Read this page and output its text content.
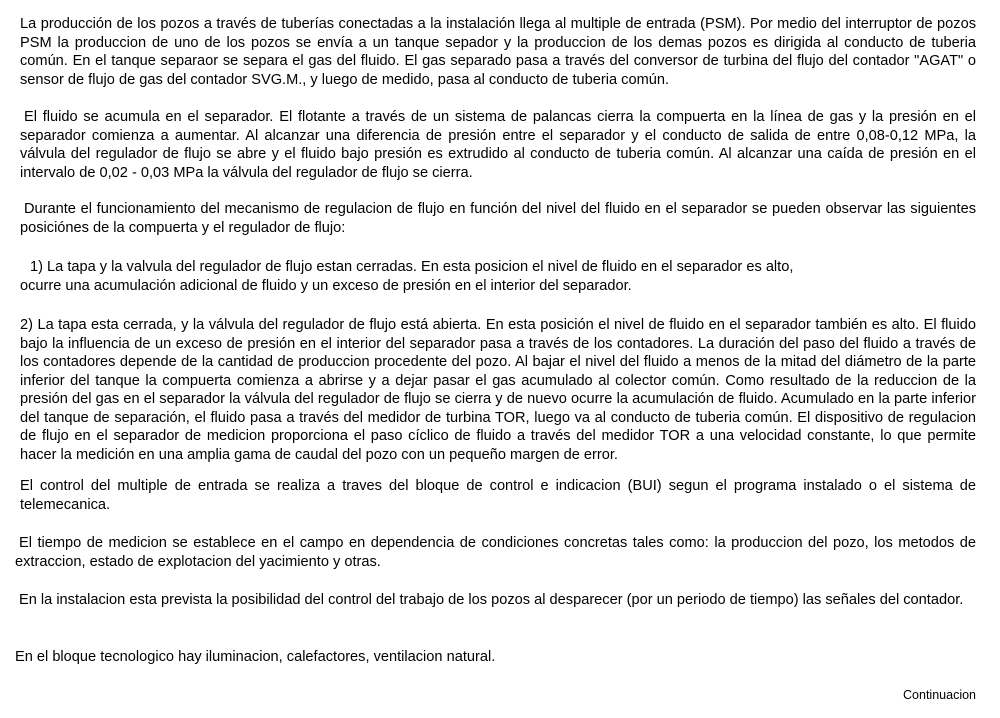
La producción de los pozos a través de tuberías conectadas a la instalación llega al multiple de entrada (PSM). Por medio del interruptor de pozos PSM la produccion de uno de los pozos se envía a un tanque sepador y la produccion de los demas pozos es dirigida al conducto de tuberia común. En el tanque separaor se separa el gas del fluido. El gas separado pasa a través del conversor de turbina del flujo del contador "AGAT" o sensor de flujo de gas del contador SVG.M., y luego de medido, pasa al conducto de tuberia común.

El fluido se acumula en el separador. El flotante a través de un sistema de palancas cierra la compuerta en la línea de gas y la presión en el separador comienza a aumentar. Al alcanzar una diferencia de presión entre el separador y el conducto de salida de entre 0,08-0,12 MPa, la válvula del regulador de flujo se abre y el fluido bajo presión es extrudido al conducto de tuberia común. Al alcanzar una caída de presión en el intervalo de 0,02 - 0,03 MPa la válvula del regulador de flujo se cierra.

Durante el funcionamiento del mecanismo de regulacion de flujo en función del nivel del fluido en el separador se pueden observar las siguientes posiciónes de la compuerta y el regulador de flujo:

1) La tapa y la valvula del regulador de flujo estan cerradas. En esta posicion el nivel de fluido en el separador es alto,

ocurre una acumulación adicional de fluido y un exceso de presión en el interior del separador.

2) La tapa esta cerrada, y la válvula del regulador de flujo está abierta. En esta posición el nivel de fluido en el separador también es alto. El fluido bajo la influencia de un exceso de presión en el interior del separador pasa a través de los contadores. La duración del paso del fluido a través de los contadores depende de la cantidad de produccion procedente del pozo. Al bajar el nivel del fluido a menos de la mitad del diámetro de la parte inferior del tanque la compuerta comienza a abrirse y a dejar pasar el gas acumulado al colector común. Como resultado de la reduccion de la presión del gas en el separador la válvula del regulador de flujo se cierra y de nuevo ocurre la acumulación de fluido. Acumulado en la parte inferior del tanque de separación, el fluido pasa a través del medidor de turbina TOR, luego va al conducto de tuberia común. El dispositivo de regulacion de flujo en el separador de medicion proporciona el paso cíclico de fluido a través del medidor TOR a una velocidad constante, lo que permite hacer la medición en una amplia gama de caudal del pozo con un pequeño margen de error.

El control del multiple de entrada se realiza a traves del bloque de control e indicacion (BUI) segun el programa instalado o el sistema de telemecanica.

El tiempo de medicion se establece en el campo en dependencia de condiciones concretas tales como: la produccion del pozo, los metodos de extraccion, estado de explotacion del yacimiento y otras.

En la instalacion esta prevista la posibilidad del control del trabajo de los pozos al desparecer (por un periodo de tiempo) las señales del contador.

En el bloque tecnologico hay iluminacion, calefactores, ventilacion natural.

Continuacion
